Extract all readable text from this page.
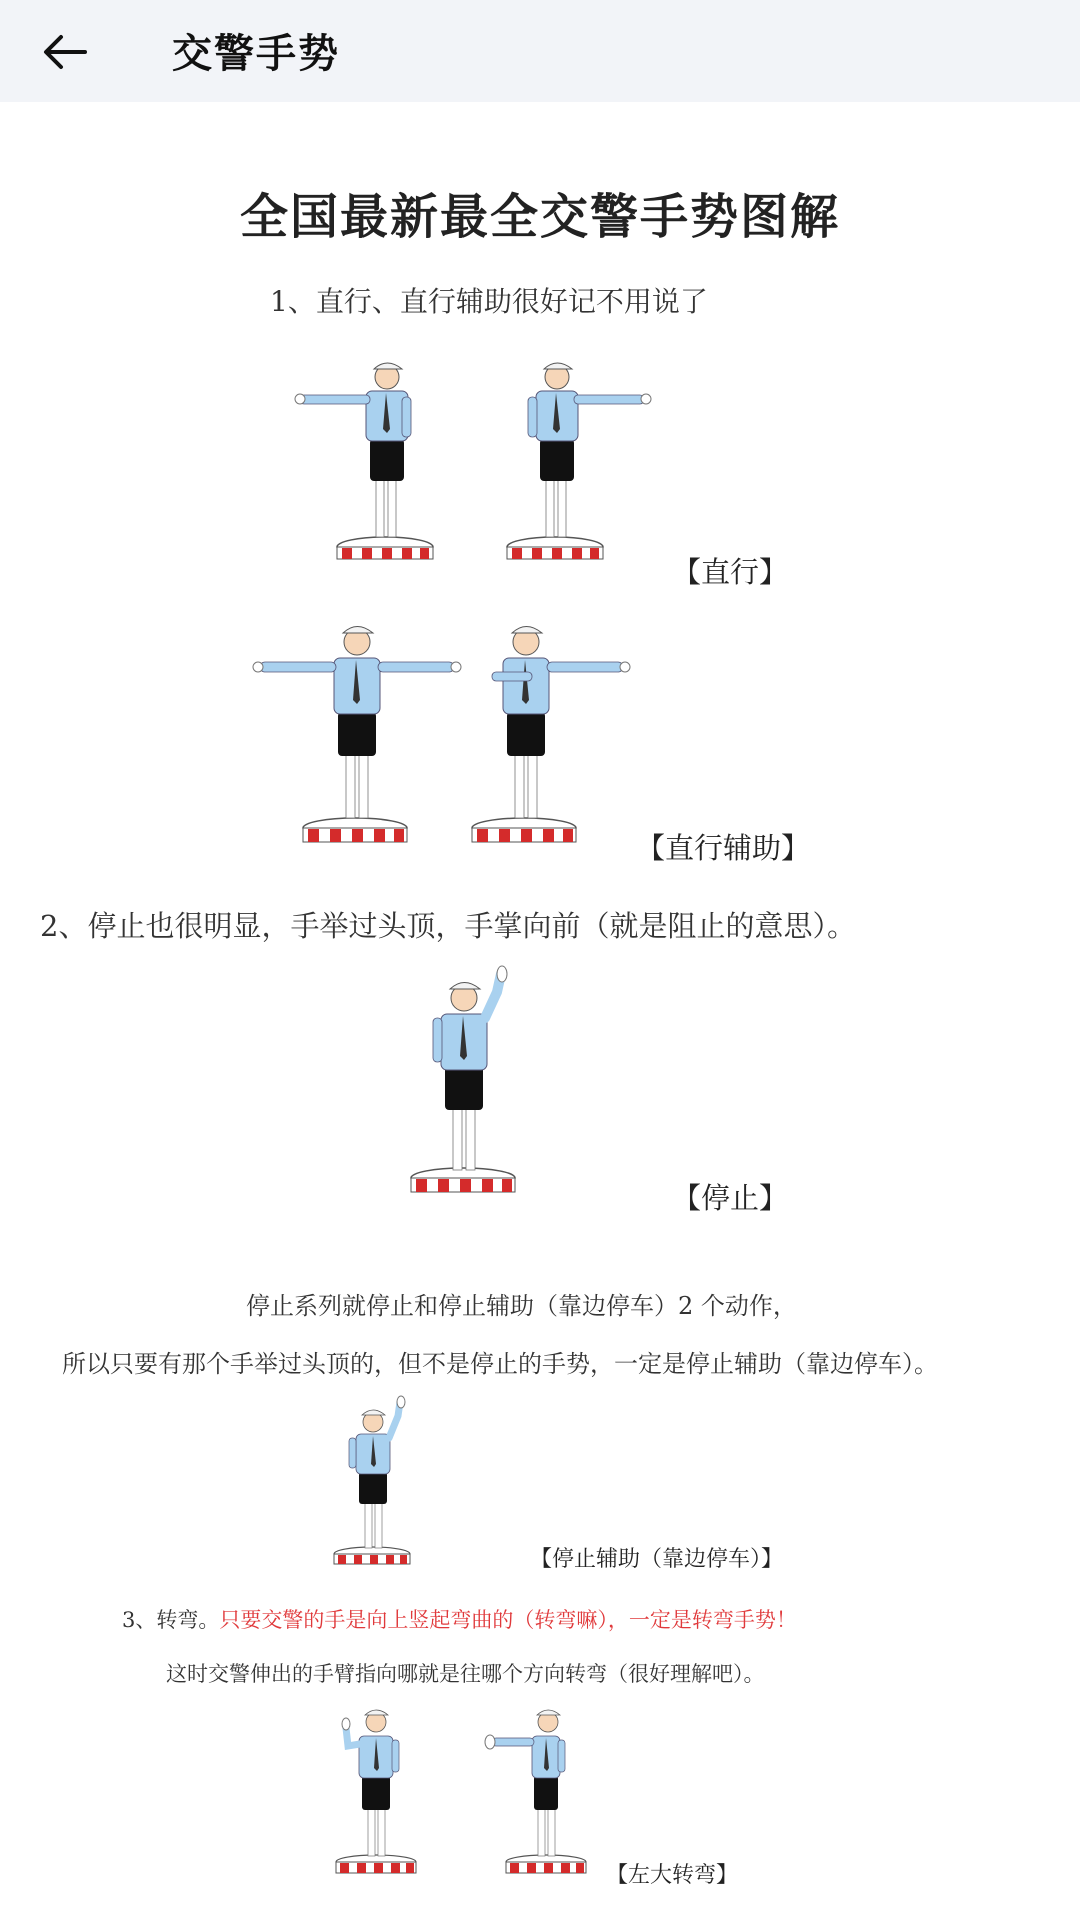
交警手势
全国最新最全交警手势图解
1、直行、直行辅助很好记不用说了
【直行】
【直行辅助】
2、停止也很明显，手举过头顶，手掌向前（就是阻止的意思）。
【停止】
停止系列就停止和停止辅助（靠边停车）2 个动作，
所以只要有那个手举过头顶的，但不是停止的手势，一定是停止辅助（靠边停车）。
【停止辅助（靠边停车）】
3、转弯。只要交警的手是向上竖起弯曲的（转弯嘛），一定是转弯手势！
这时交警伸出的手臂指向哪就是往哪个方向转弯（很好理解吧）。
【左大转弯】
